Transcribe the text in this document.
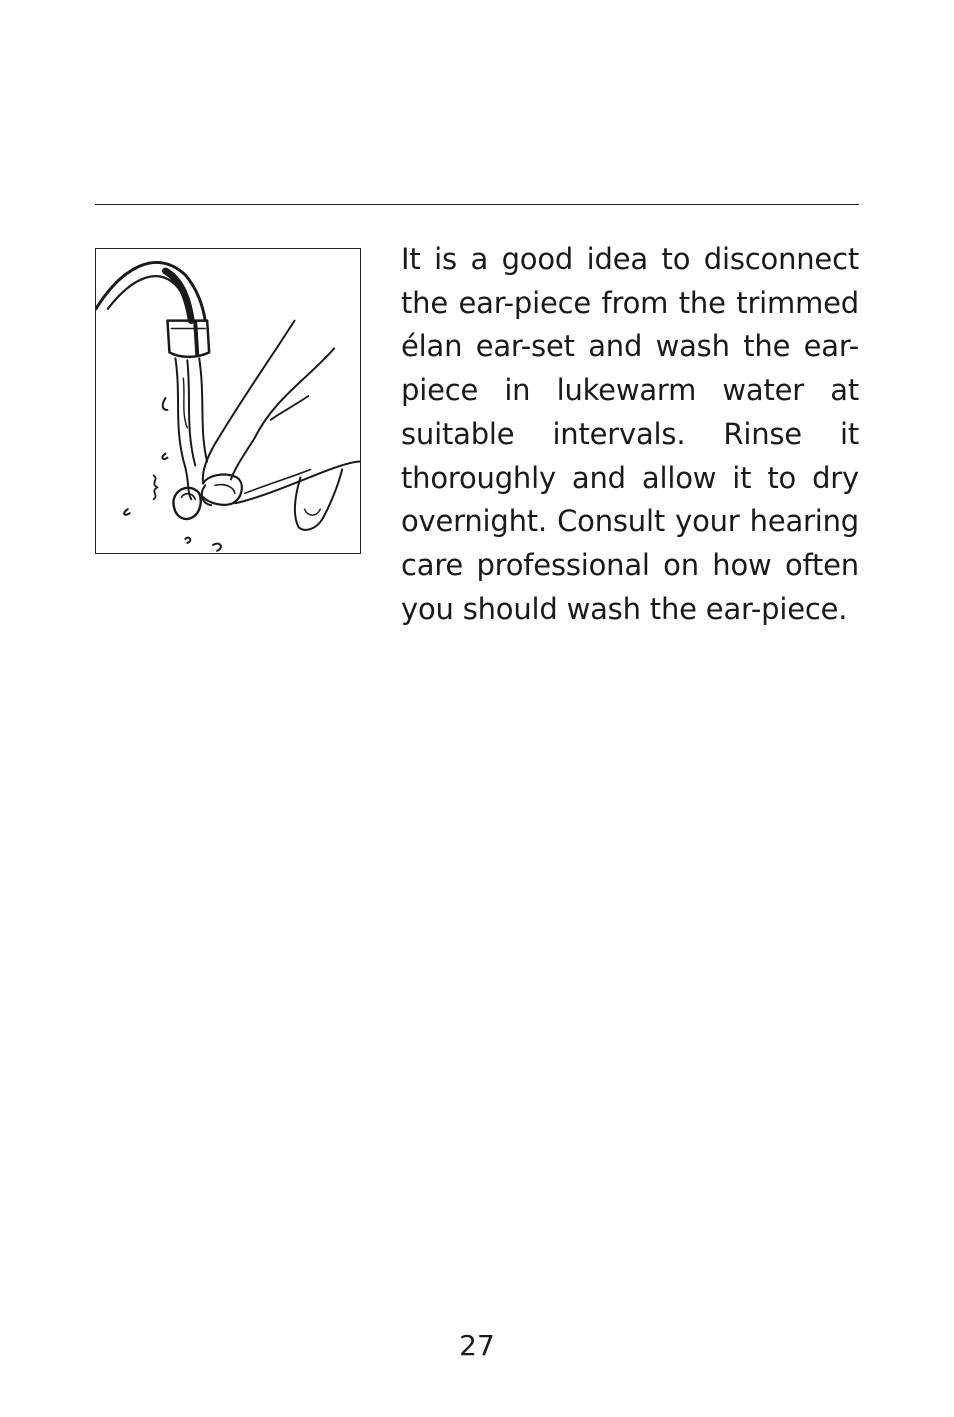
It is a good idea to disconnect the ear-piece from the trimmed élan ear-set and wash the ear-piece in lukewarm water at suitable intervals. Rinse it thoroughly and allow it to dry overnight. Consult your hearing care professional on how often you should wash the ear-piece.

27
